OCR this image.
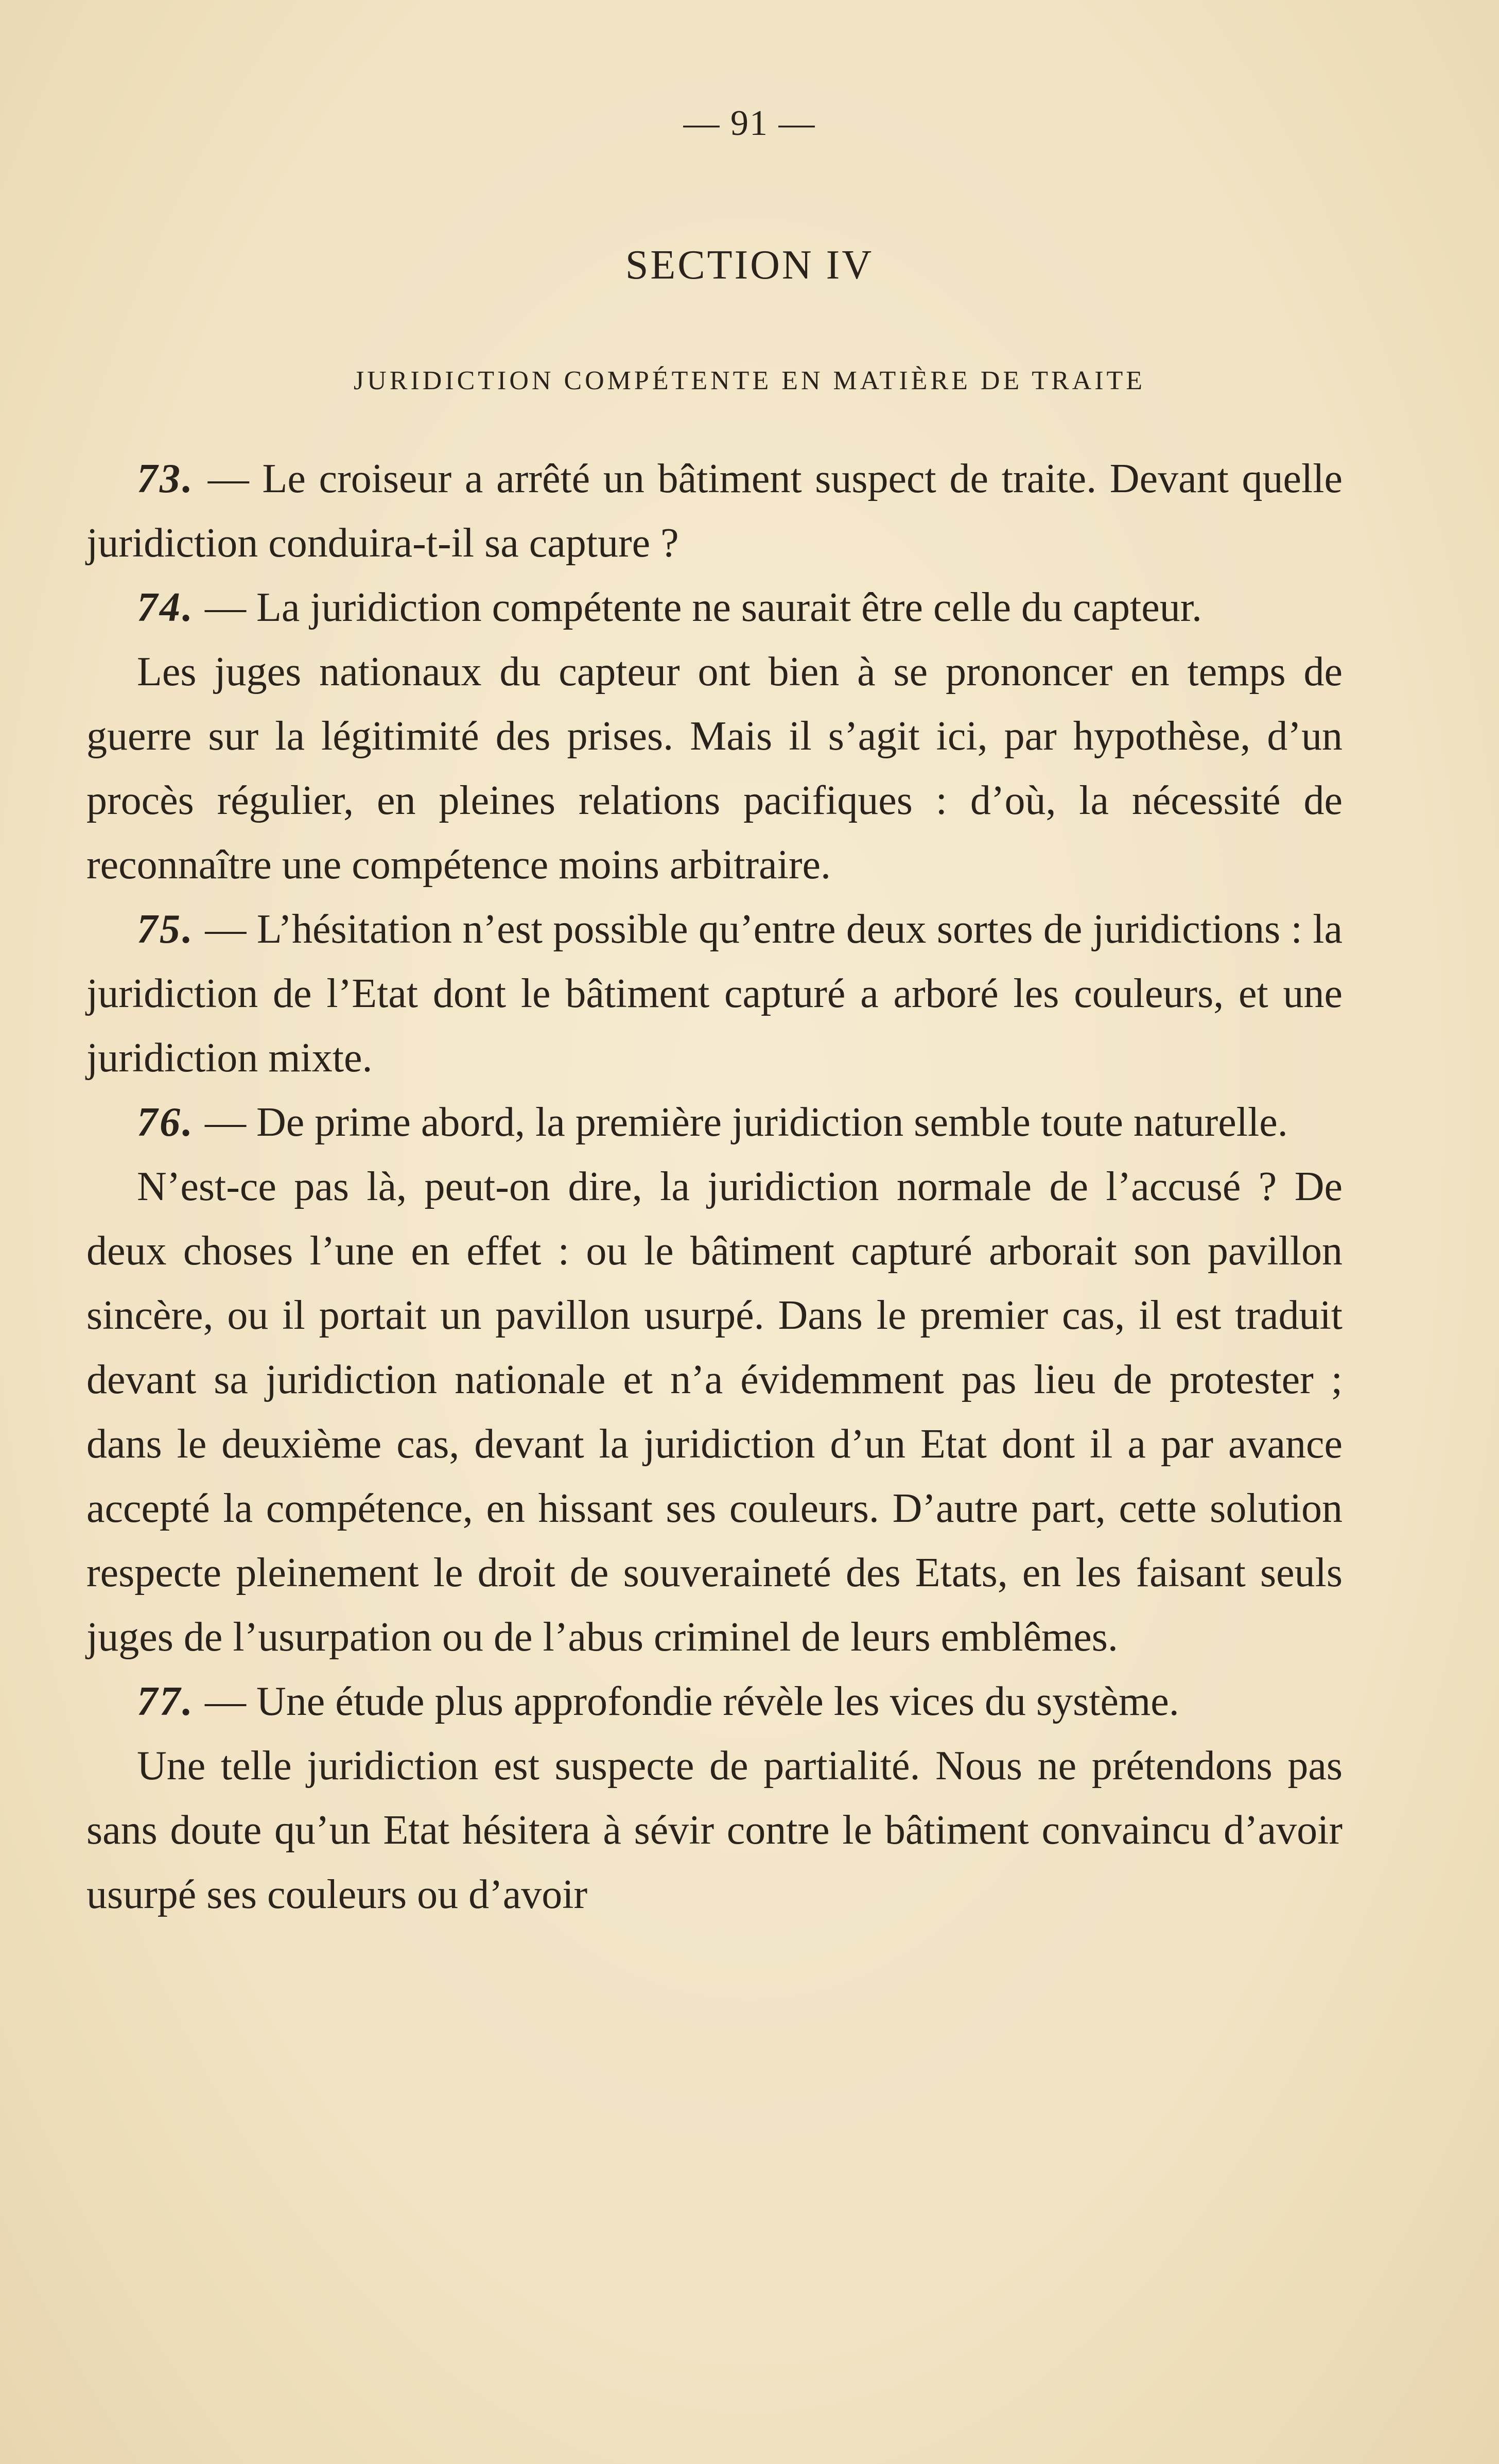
— 91 —
SECTION IV
JURIDICTION COMPÉTENTE EN MATIÈRE DE TRAITE

73. — Le croiseur a arrêté un bâtiment suspect de traite. Devant quelle juridiction conduira-t-il sa capture ?

74. — La juridiction compétente ne saurait être celle du capteur.

Les juges nationaux du capteur ont bien à se prononcer en temps de guerre sur la légitimité des prises. Mais il s’agit ici, par hypothèse, d’un procès régulier, en pleines relations pacifiques : d’où, la nécessité de reconnaître une compétence moins arbitraire.

75. — L’hésitation n’est possible qu’entre deux sortes de juridictions : la juridiction de l’Etat dont le bâtiment capturé a arboré les couleurs, et une juridiction mixte.

76. — De prime abord, la première juridiction semble toute naturelle.

N’est-ce pas là, peut-on dire, la juridiction normale de l’accusé ? De deux choses l’une en effet : ou le bâtiment capturé arborait son pavillon sincère, ou il portait un pavillon usurpé. Dans le premier cas, il est traduit devant sa juridiction nationale et n’a évidemment pas lieu de protester ; dans le deuxième cas, devant la juridiction d’un Etat dont il a par avance accepté la compétence, en hissant ses couleurs. D’autre part, cette solution respecte pleinement le droit de souveraineté des Etats, en les faisant seuls juges de l’usurpation ou de l’abus criminel de leurs emblêmes.

77. — Une étude plus approfondie révèle les vices du système.

Une telle juridiction est suspecte de partialité. Nous ne prétendons pas sans doute qu’un Etat hésitera à sévir contre le bâtiment convaincu d’avoir usurpé ses couleurs ou d’avoir
